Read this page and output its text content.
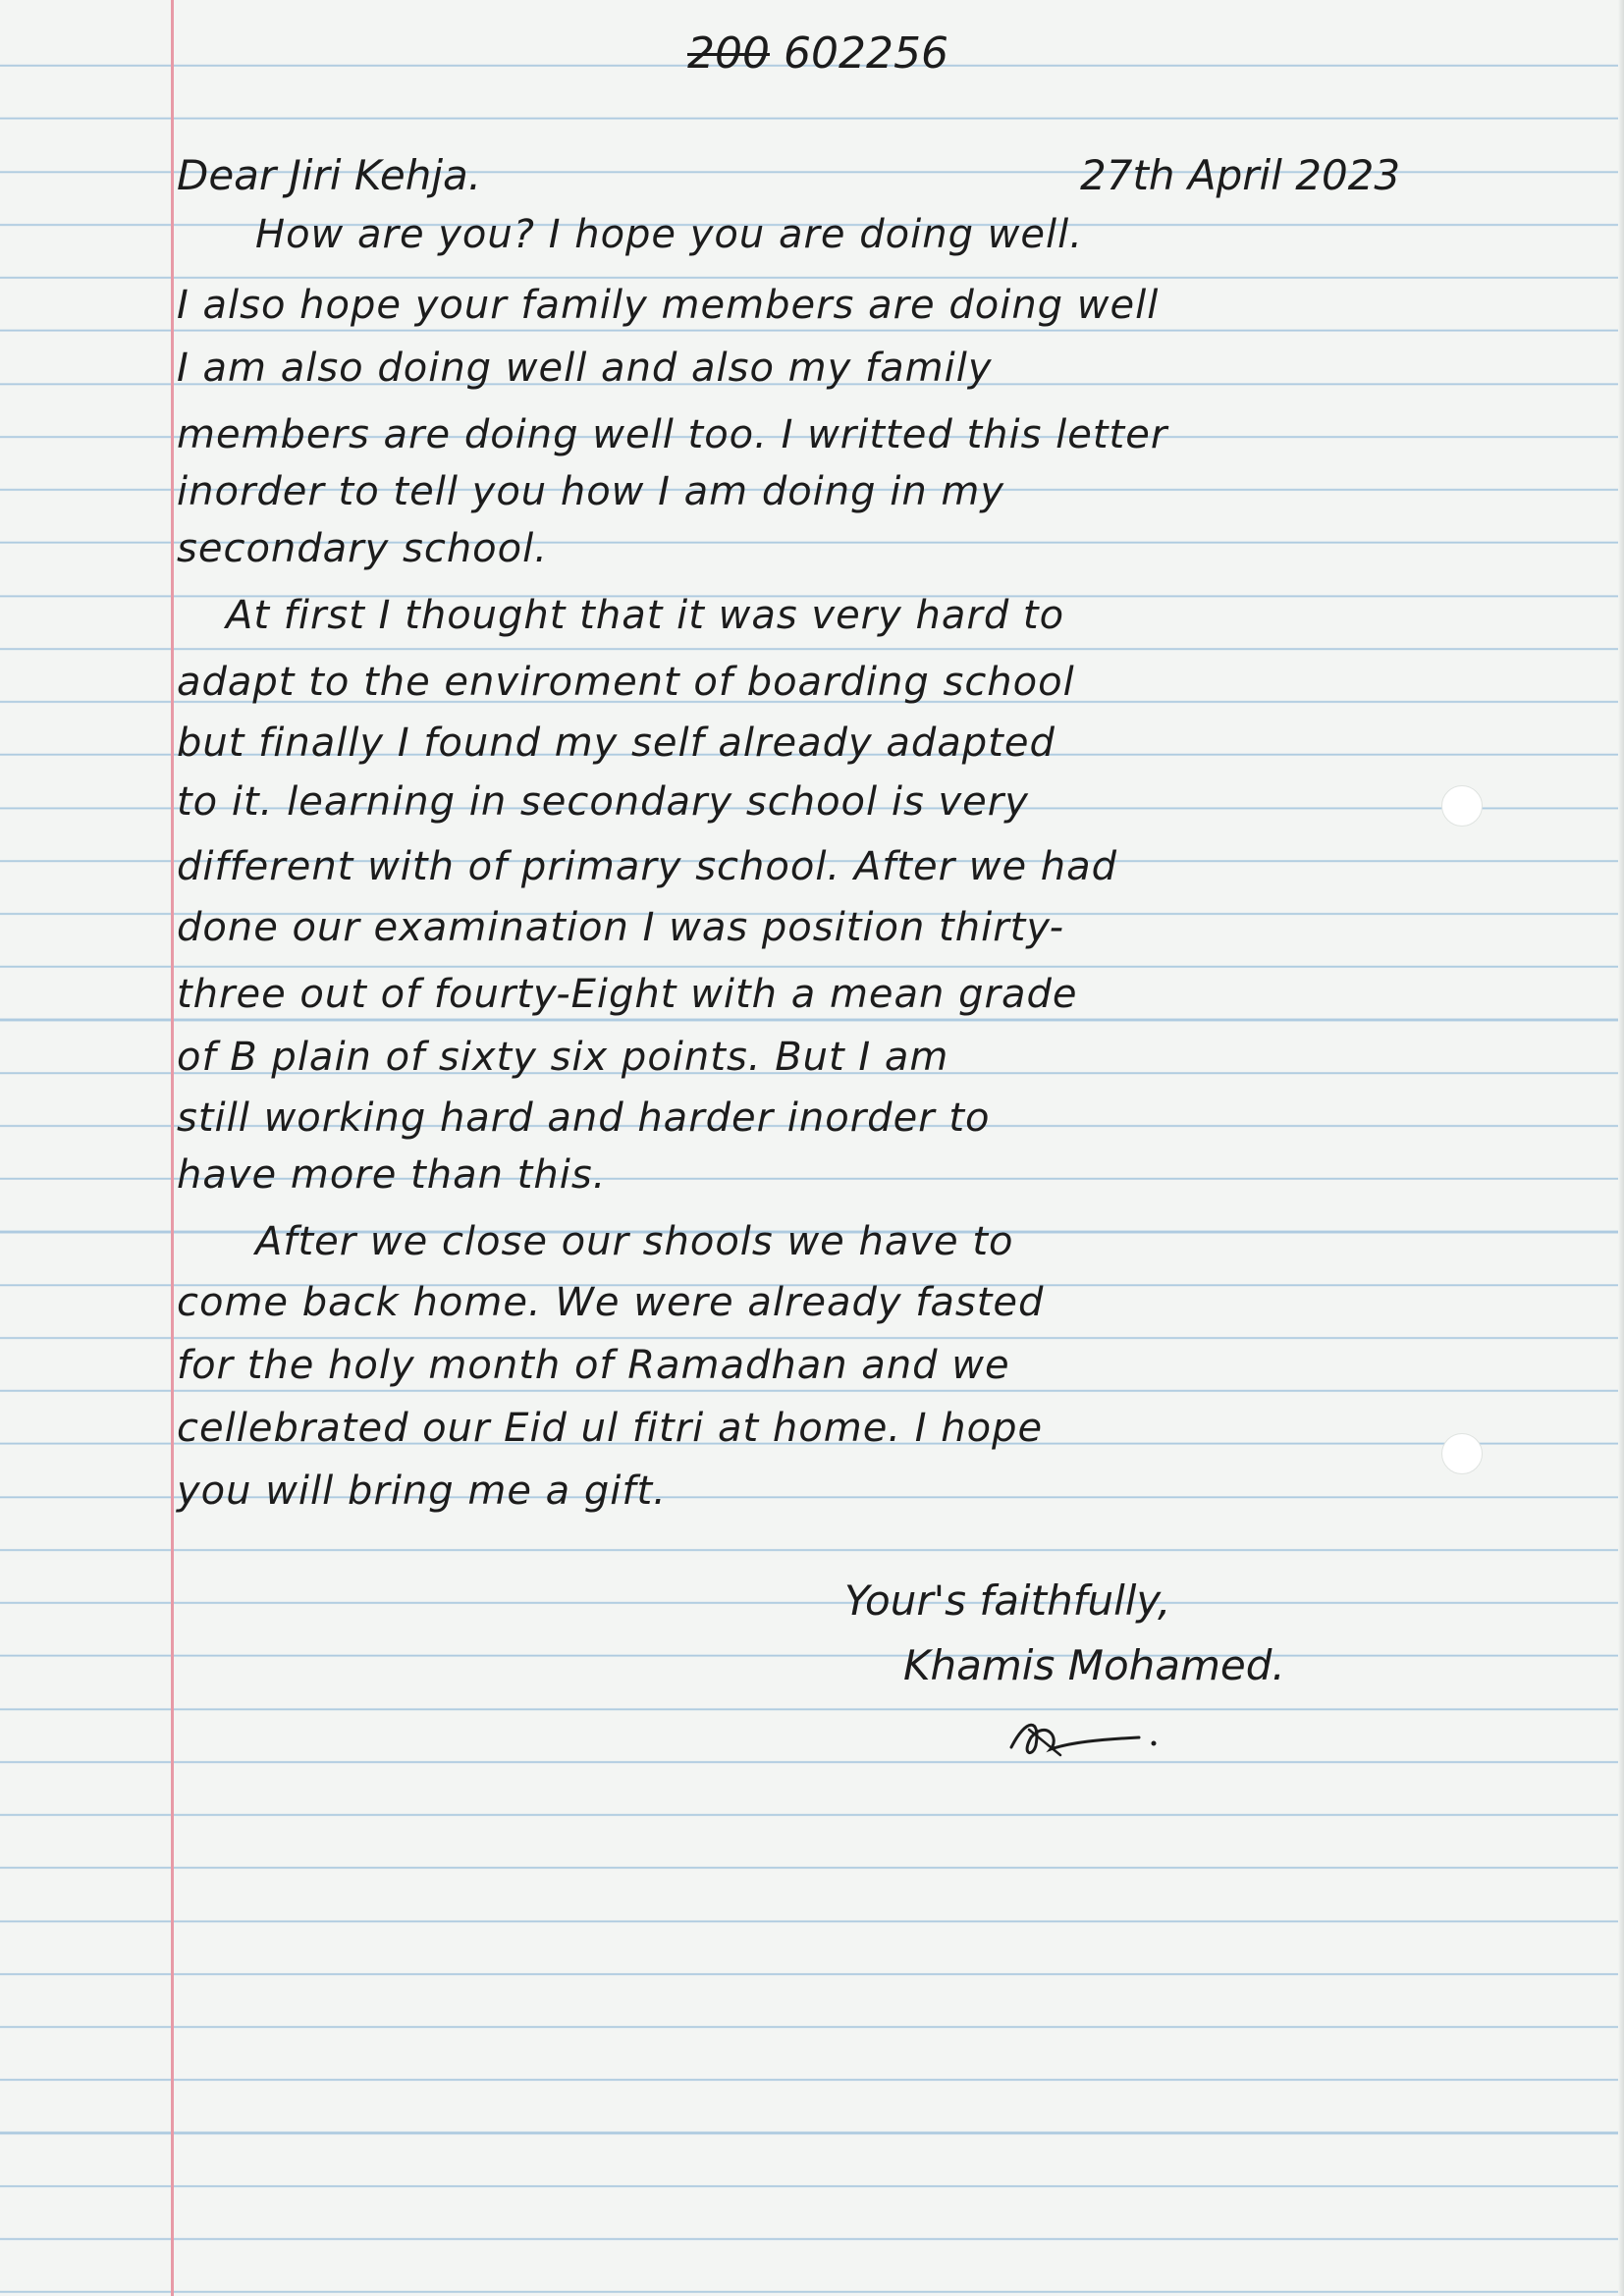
200 602256
Dear Jiri Kehja.	27th April 2023
How are you? I hope you are doing well.
I also hope your family members are doing well
I am also doing well and also my family
members are doing well too. I writted this letter
inorder to tell you how I am doing in my
secondary school.
At first I thought that it was very hard to
adapt to the enviroment of boarding school
but finally I found my self already adapted
to it. learning in secondary school is very
different with of primary school. After we had
done our examination I was position thirty-
three out of fourty-Eight with a mean grade
of B plain of sixty six points. But I am
still working hard and harder inorder to
have more than this.
After we close our shools we have to
come back home. We were already fasted
for the holy month of Ramadhan and we
cellebrated our Eid ul fitri at home. I hope
you will bring me a gift.
Your's faithfully,
Khamis Mohamed.
